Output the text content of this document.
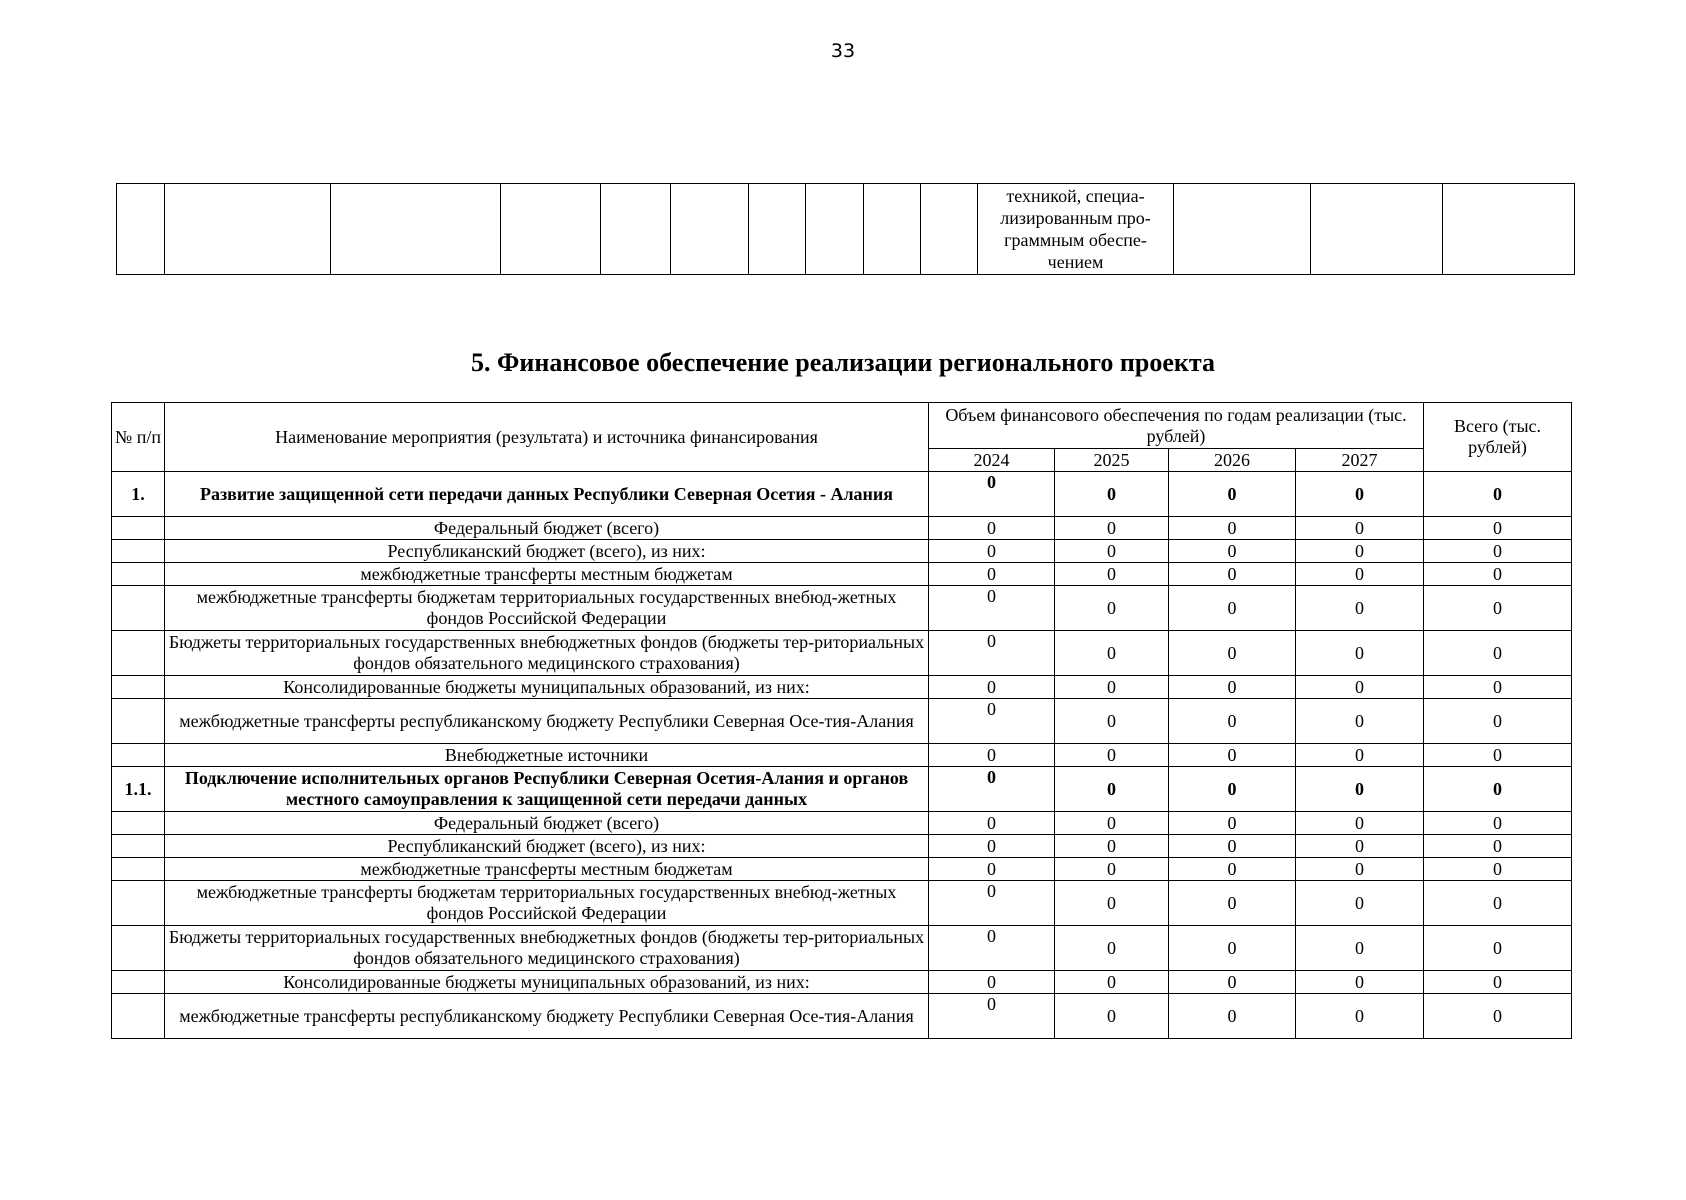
33
										техникой, специа-лизированным про-граммным обеспе-чением			
5. Финансовое обеспечение реализации регионального проекта
№ п/п	Наименование мероприятия (результата) и источника финансирования	Объем финансового обеспечения по годам реализации (тыс. рублей)				Всего (тыс. рублей)
		2024	2025	2026	2027	
1.	Развитие защищенной сети передачи данных Республики Северная Осетия - Алания	0	0	0	0	0
	Федеральный бюджет (всего)	0	0	0	0	0
	Республиканский бюджет (всего), из них:	0	0	0	0	0
	межбюджетные трансферты местным бюджетам	0	0	0	0	0
	межбюджетные трансферты бюджетам территориальных государственных внебюд-жетных фондов Российской Федерации	0	0	0	0	0
	Бюджеты территориальных государственных внебюджетных фондов (бюджеты тер-риториальных фондов обязательного медицинского страхования)	0	0	0	0	0
	Консолидированные бюджеты муниципальных образований, из них:	0	0	0	0	0
	межбюджетные трансферты республиканскому бюджету Республики Северная Осе-тия-Алания	0	0	0	0	0
	Внебюджетные источники	0	0	0	0	0
1.1.	Подключение исполнительных органов Республики Северная Осетия-Алания и органов местного самоуправления к защищенной сети передачи данных	0	0	0	0	0
	Федеральный бюджет (всего)	0	0	0	0	0
	Республиканский бюджет (всего), из них:	0	0	0	0	0
	межбюджетные трансферты местным бюджетам	0	0	0	0	0
	межбюджетные трансферты бюджетам территориальных государственных внебюд-жетных фондов Российской Федерации	0	0	0	0	0
	Бюджеты территориальных государственных внебюджетных фондов (бюджеты тер-риториальных фондов обязательного медицинского страхования)	0	0	0	0	0
	Консолидированные бюджеты муниципальных образований, из них:	0	0	0	0	0
	межбюджетные трансферты республиканскому бюджету Республики Северная Осе-тия-Алания	0	0	0	0	0
